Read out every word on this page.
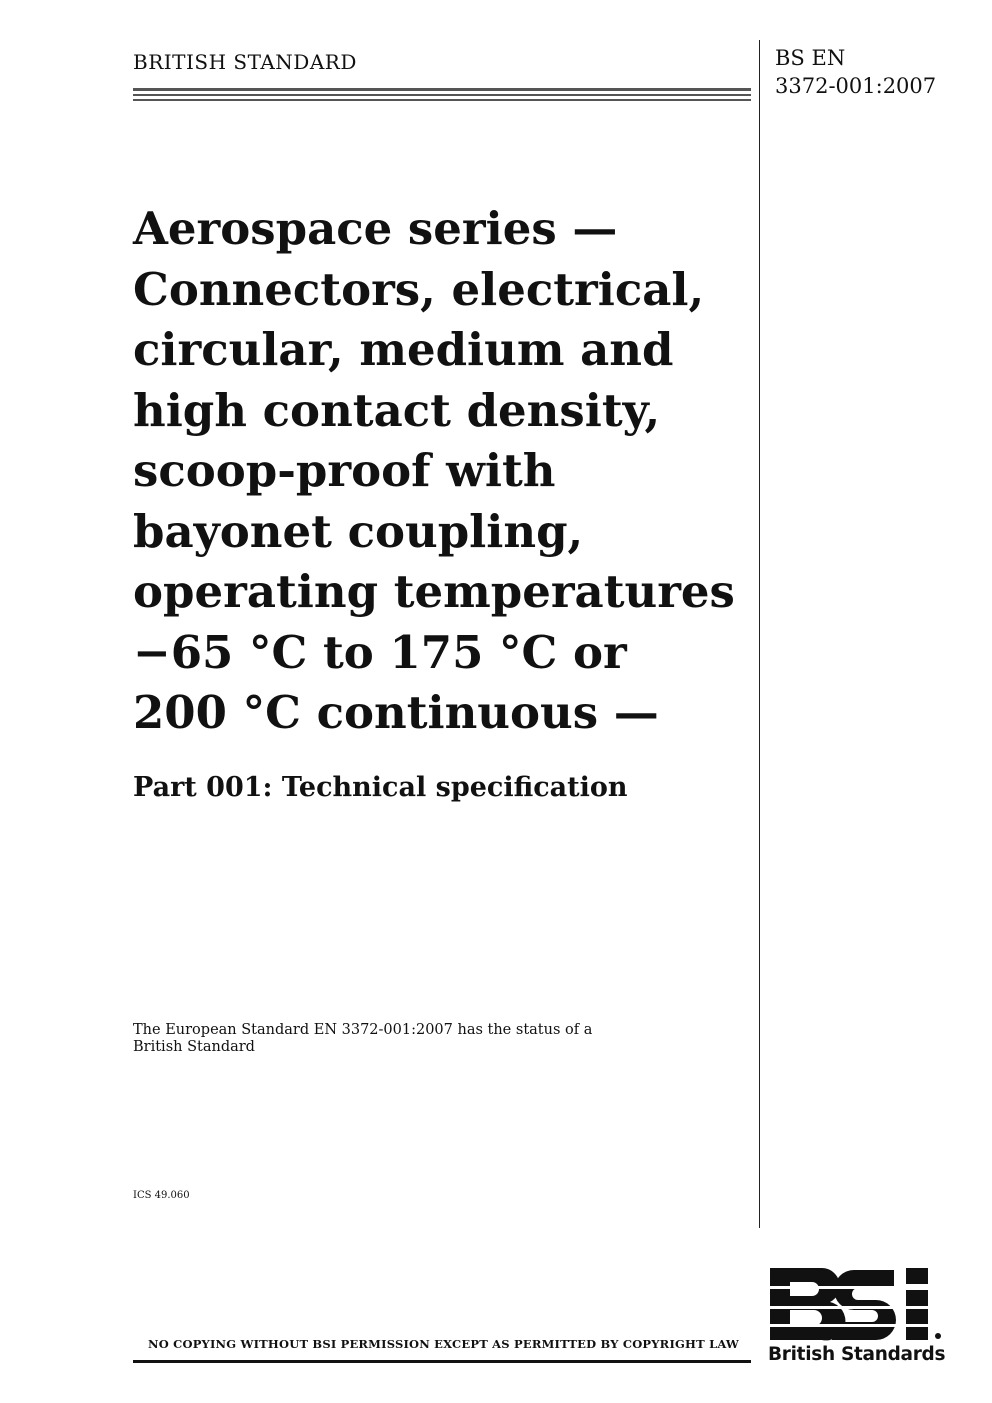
BRITISH STANDARD	BS EN
3372-001:2007
Aerospace series —
Connectors, electrical,
circular, medium and
high contact density,
scoop-proof with
bayonet coupling,
operating temperatures
−65 °C to 175 °C or
200 °C continuous —
Part 001: Technical specification
The European Standard EN 3372-001:2007 has the status of a British Standard
ICS 49.060
NO COPYING WITHOUT BSI PERMISSION EXCEPT AS PERMITTED BY COPYRIGHT LAW British Standards
